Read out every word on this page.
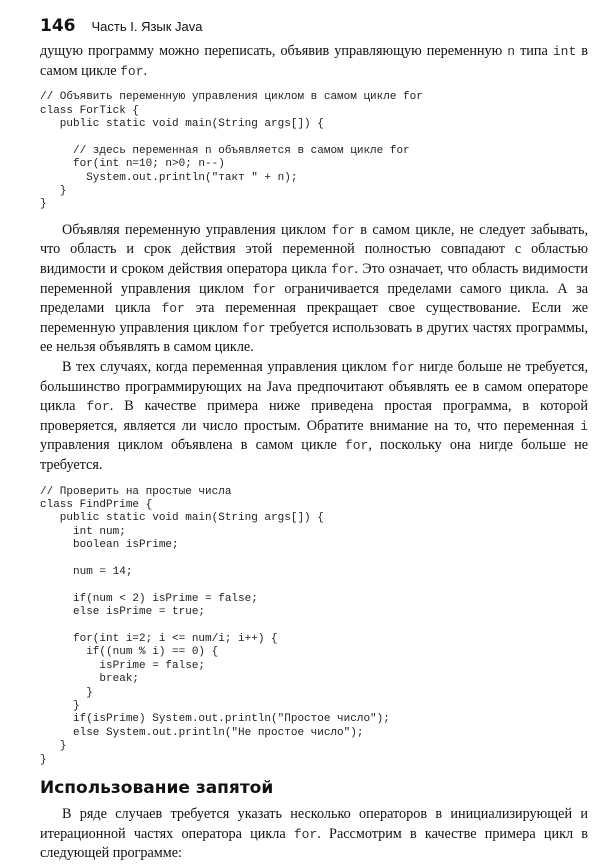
146 Часть I. Язык Java

дущую программу можно переписать, объявив управляющую переменную n типа int в самом цикле for.

// Объявить переменную управления циклом в самом цикле for
class ForTick {
public static void main(String args[]) {

// здесь переменная n объявляется в самом цикле for
for(int n=10; n>0; n--)
System.out.println("такт " + n);
}
}

Объявляя переменную управления циклом for в самом цикле, не следует забывать, что область и срок действия этой переменной полностью совпадают с областью видимости и сроком действия оператора цикла for. Это означает, что область видимости переменной управления циклом for ограничивается пределами самого цикла. А за пределами цикла for эта переменная прекращает свое существование. Если же переменную управления циклом for требуется использовать в других частях программы, ее нельзя объявлять в самом цикле.

В тех случаях, когда переменная управления циклом for нигде больше не требуется, большинство программирующих на Java предпочитают объявлять ее в самом операторе цикла for. В качестве примера ниже приведена простая программа, в которой проверяется, является ли число простым. Обратите внимание на то, что переменная i управления циклом объявлена в самом цикле for, поскольку она нигде больше не требуется.

// Проверить на простые числа
class FindPrime {
public static void main(String args[]) {
int num;
boolean isPrime;

num = 14;

if(num < 2) isPrime = false;
else isPrime = true;

for(int i=2; i <= num/i; i++) {
if((num % i) == 0) {
isPrime = false;
break;
}
}
if(isPrime) System.out.println("Простое число");
else System.out.println("Не простое число");
}
}
Использование запятой

В ряде случаев требуется указать несколько операторов в инициализирующей и итерационной частях оператора цикла for. Рассмотрим в качестве примера цикл в следующей программе:
